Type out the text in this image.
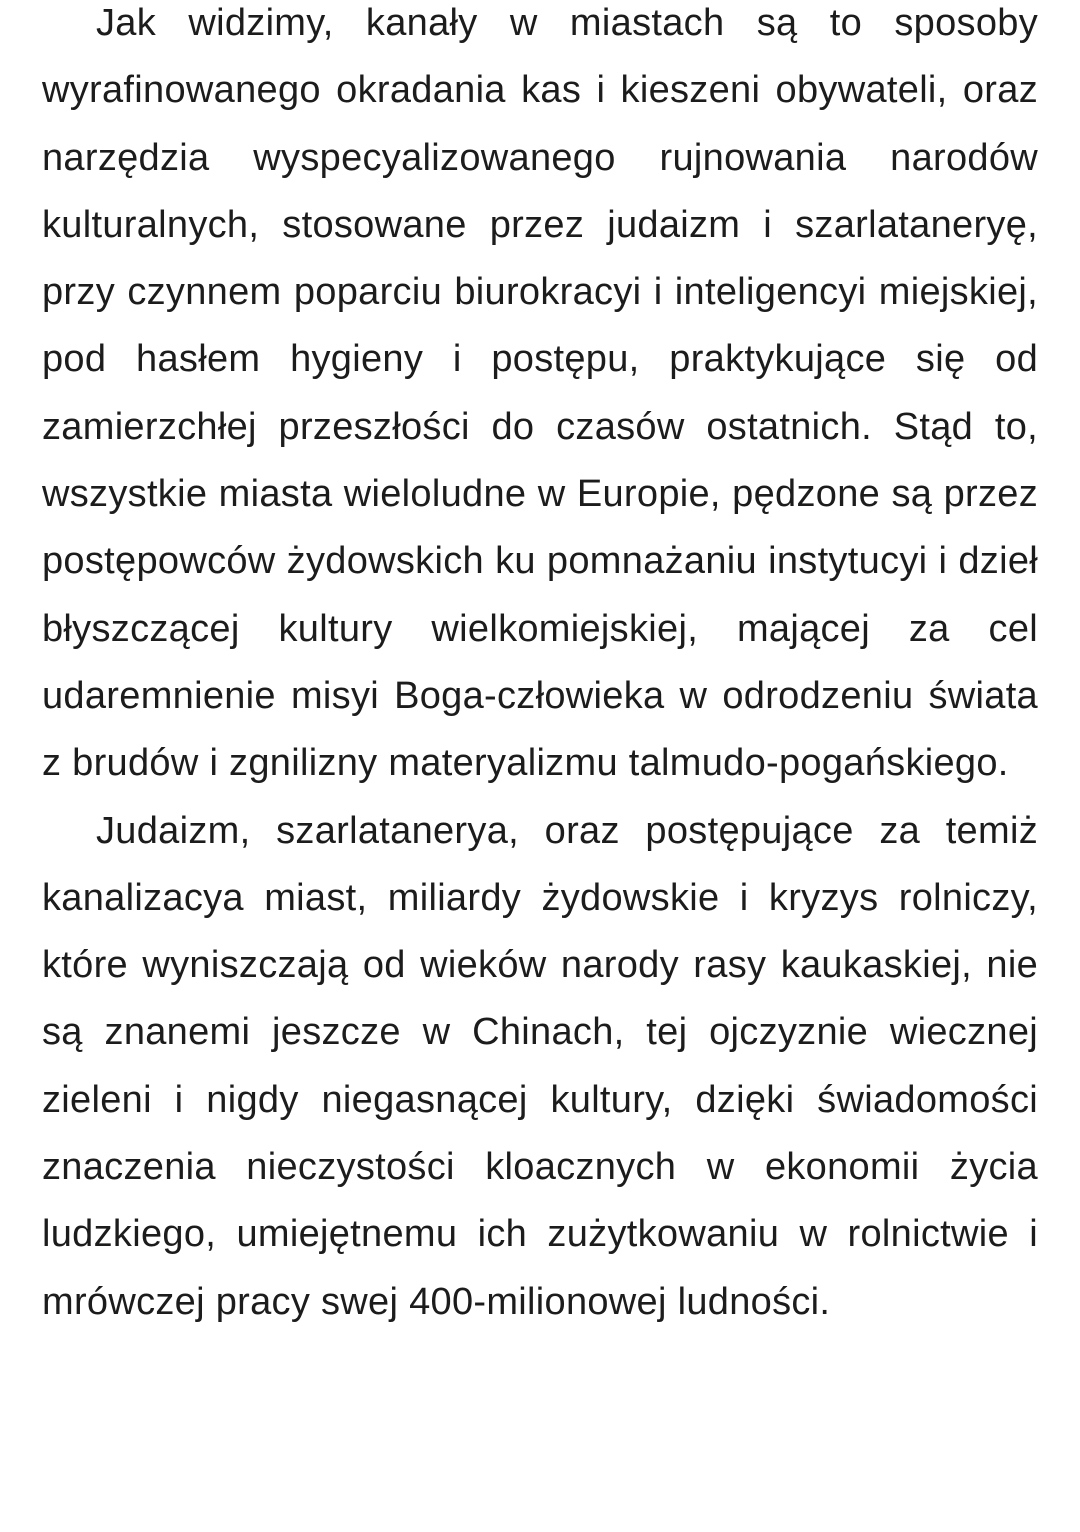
Jak widzimy, kanały w miastach są to sposoby wyrafinowanego okradania kas i kieszeni obywateli, oraz narzędzia wyspecyalizowanego rujnowania narodów kulturalnych, stosowane przez judaizm i szarlataneryę, przy czynnem poparciu biurokracyi i inteligencyi miejskiej, pod hasłem hygieny i postępu, praktykujące się od zamierzchłej przeszłości do czasów ostatnich. Stąd to, wszystkie miasta wieloludne w Europie, pędzone są przez postępowców żydowskich ku pomnażaniu instytucyi i dzieł błyszczącej kultury wielkomiejskiej, mającej za cel udaremnienie misyi Boga-człowieka w odrodzeniu świata z brudów i zgnilizny materyalizmu talmudo-pogańskiego.

Judaizm, szarlatanerya, oraz postępujące za temiż kanalizacya miast, miliardy żydowskie i kryzys rolniczy, które wyniszczają od wieków narody rasy kaukaskiej, nie są znanemi jeszcze w Chinach, tej ojczyznie wiecznej zieleni i nigdy niegasnącej kultury, dzięki świadomości znaczenia nieczystości kloacznych w ekonomii życia ludzkiego, umiejętnemu ich zużytkowaniu w rolnictwie i mrówczej pracy swej 400-milionowej ludności.
